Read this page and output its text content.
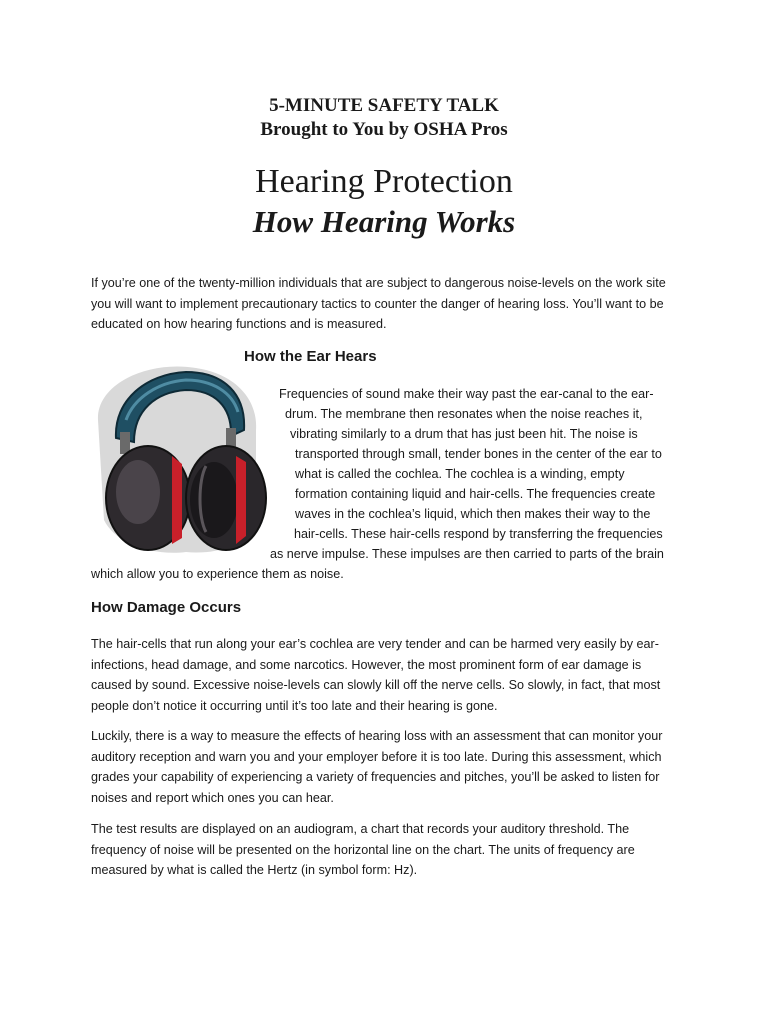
5-MINUTE SAFETY TALK
Brought to You by OSHA Pros
Hearing Protection
How Hearing Works

If you’re one of the twenty-million individuals that are subject to dangerous noise-levels on the work site you will want to implement precautionary tactics to counter the danger of hearing loss. You’ll want to be educated on how hearing functions and is measured.

How the Ear Hears
Frequencies of sound make their way past the ear-canal to the ear-
drum. The membrane then resonates when the noise reaches it,
vibrating similarly to a drum that has just been hit. The noise is
transported through small, tender bones in the center of the ear to
what is called the cochlea. The cochlea is a winding, empty
formation containing liquid and hair-cells. The frequencies create
waves in the cochlea’s liquid, which then makes their way to the
hair-cells. These hair-cells respond by transferring the frequencies
as nerve impulse. These impulses are then carried to parts of the brain
which allow you to experience them as noise.
How Damage Occurs

The hair-cells that run along your ear’s cochlea are very tender and can be harmed very easily by ear-infections, head damage, and some narcotics. However, the most prominent form of ear damage is caused by sound. Excessive noise-levels can slowly kill off the nerve cells. So slowly, in fact, that most people don’t notice it occurring until it’s too late and their hearing is gone.

Luckily, there is a way to measure the effects of hearing loss with an assessment that can monitor your auditory reception and warn you and your employer before it is too late. During this assessment, which grades your capability of experiencing a variety of frequencies and pitches, you’ll be asked to listen for noises and report which ones you can hear.

The test results are displayed on an audiogram, a chart that records your auditory threshold. The frequency of noise will be presented on the horizontal line on the chart. The units of frequency are measured by what is called the Hertz (in symbol form: Hz).
